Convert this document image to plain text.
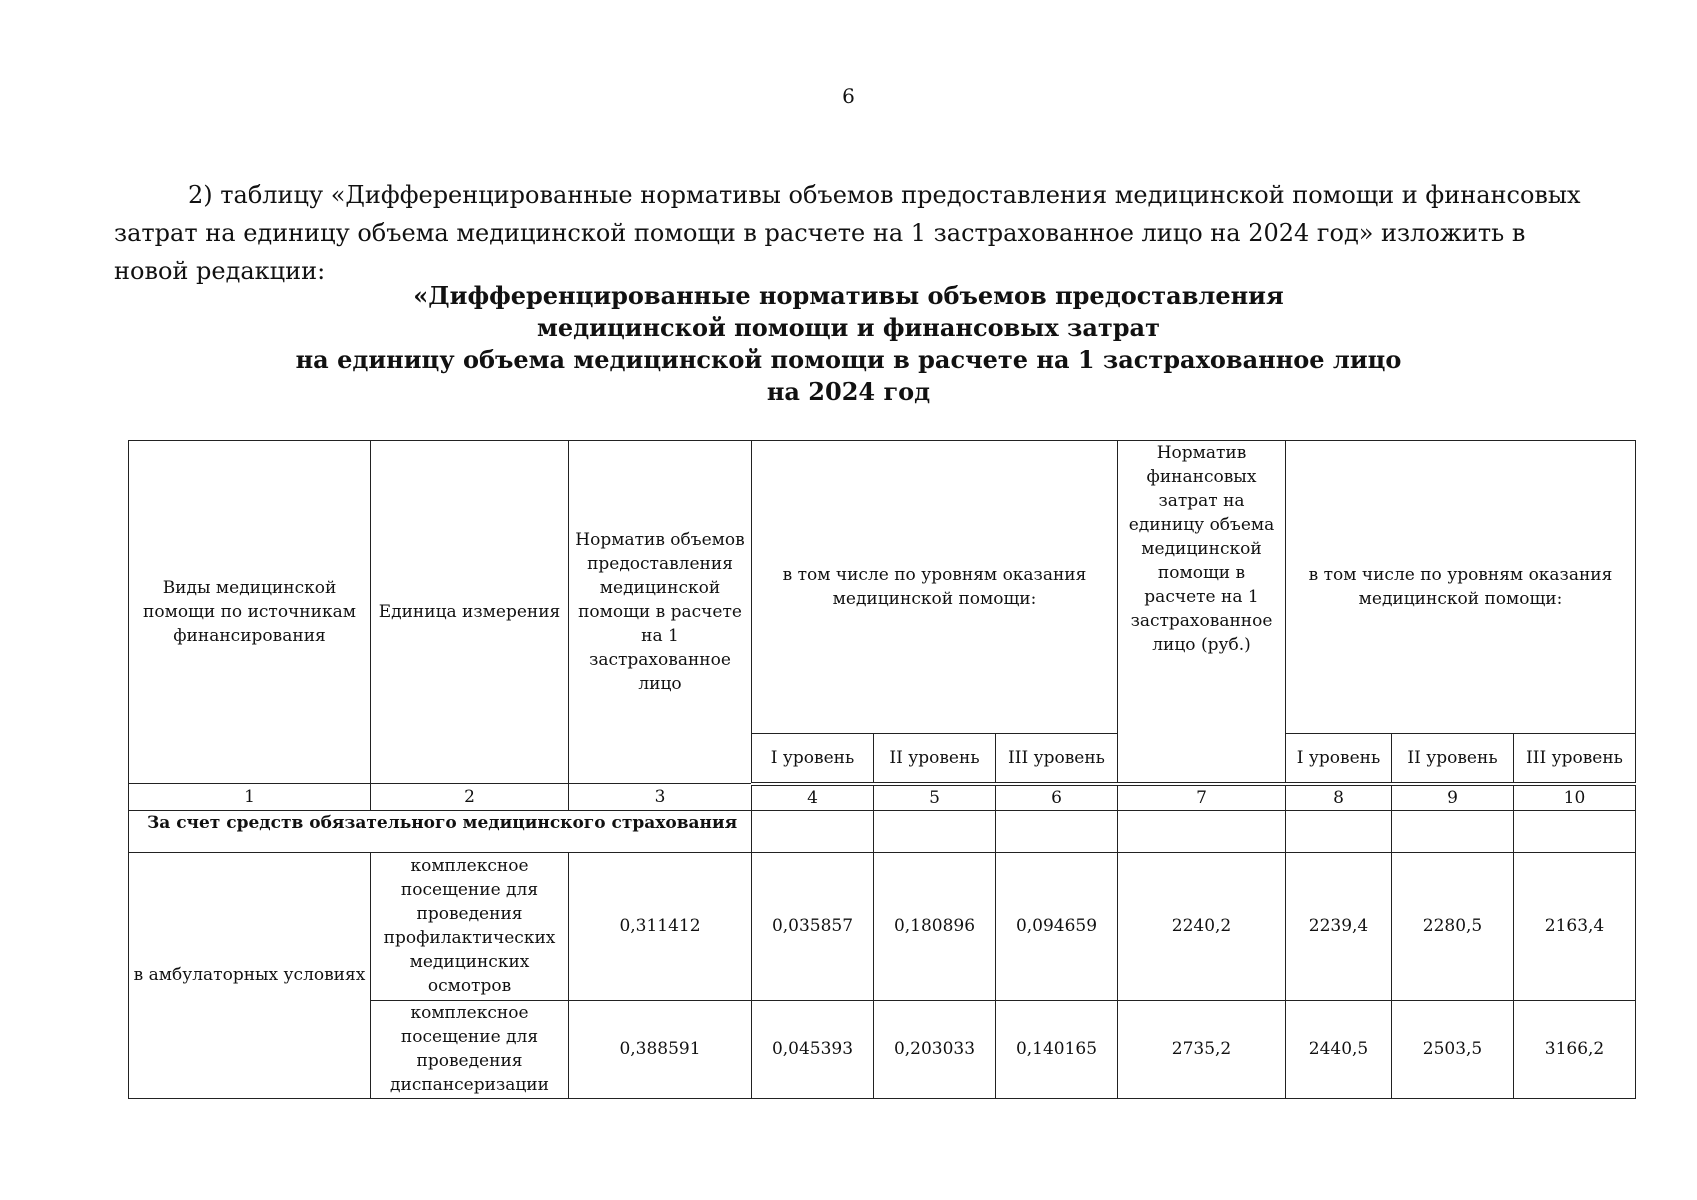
6

2) таблицу «Дифференцированные нормативы объемов предоставления медицинской помощи и финансовых затрат на единицу объема медицинской помощи в расчете на 1 застрахованное лицо на 2024 год» изложить в новой редакции:

«Дифференцированные нормативы объемов предоставления
медицинской помощи и финансовых затрат
на единицу объема медицинской помощи в расчете на 1 застрахованное лицо
на 2024 год
Виды медицинской помощи по источникам финансирования	Единица измерения	Норматив объемов предоставления медицинской помощи в расчете на 1 застрахованное лицо	в том числе по уровням оказания медицинской помощи:			Норматив финансовых затрат на единицу объема медицинской помощи в расчете на 1 застрахованное лицо (руб.)	в том числе по уровням оказания медицинской помощи:		
			I уровень	II уровень	III уровень		I уровень	II уровень	III уровень
1	2	3	4	5	6	7	8	9	10
За счет средств обязательного медицинского страхования									
в амбулаторных условиях	комплексное посещение для проведения профилактических медицинских осмотров	0,311412	0,035857	0,180896	0,094659	2240,2	2239,4	2280,5	2163,4
	комплексное посещение для проведения диспансеризации	0,388591	0,045393	0,203033	0,140165	2735,2	2440,5	2503,5	3166,2
